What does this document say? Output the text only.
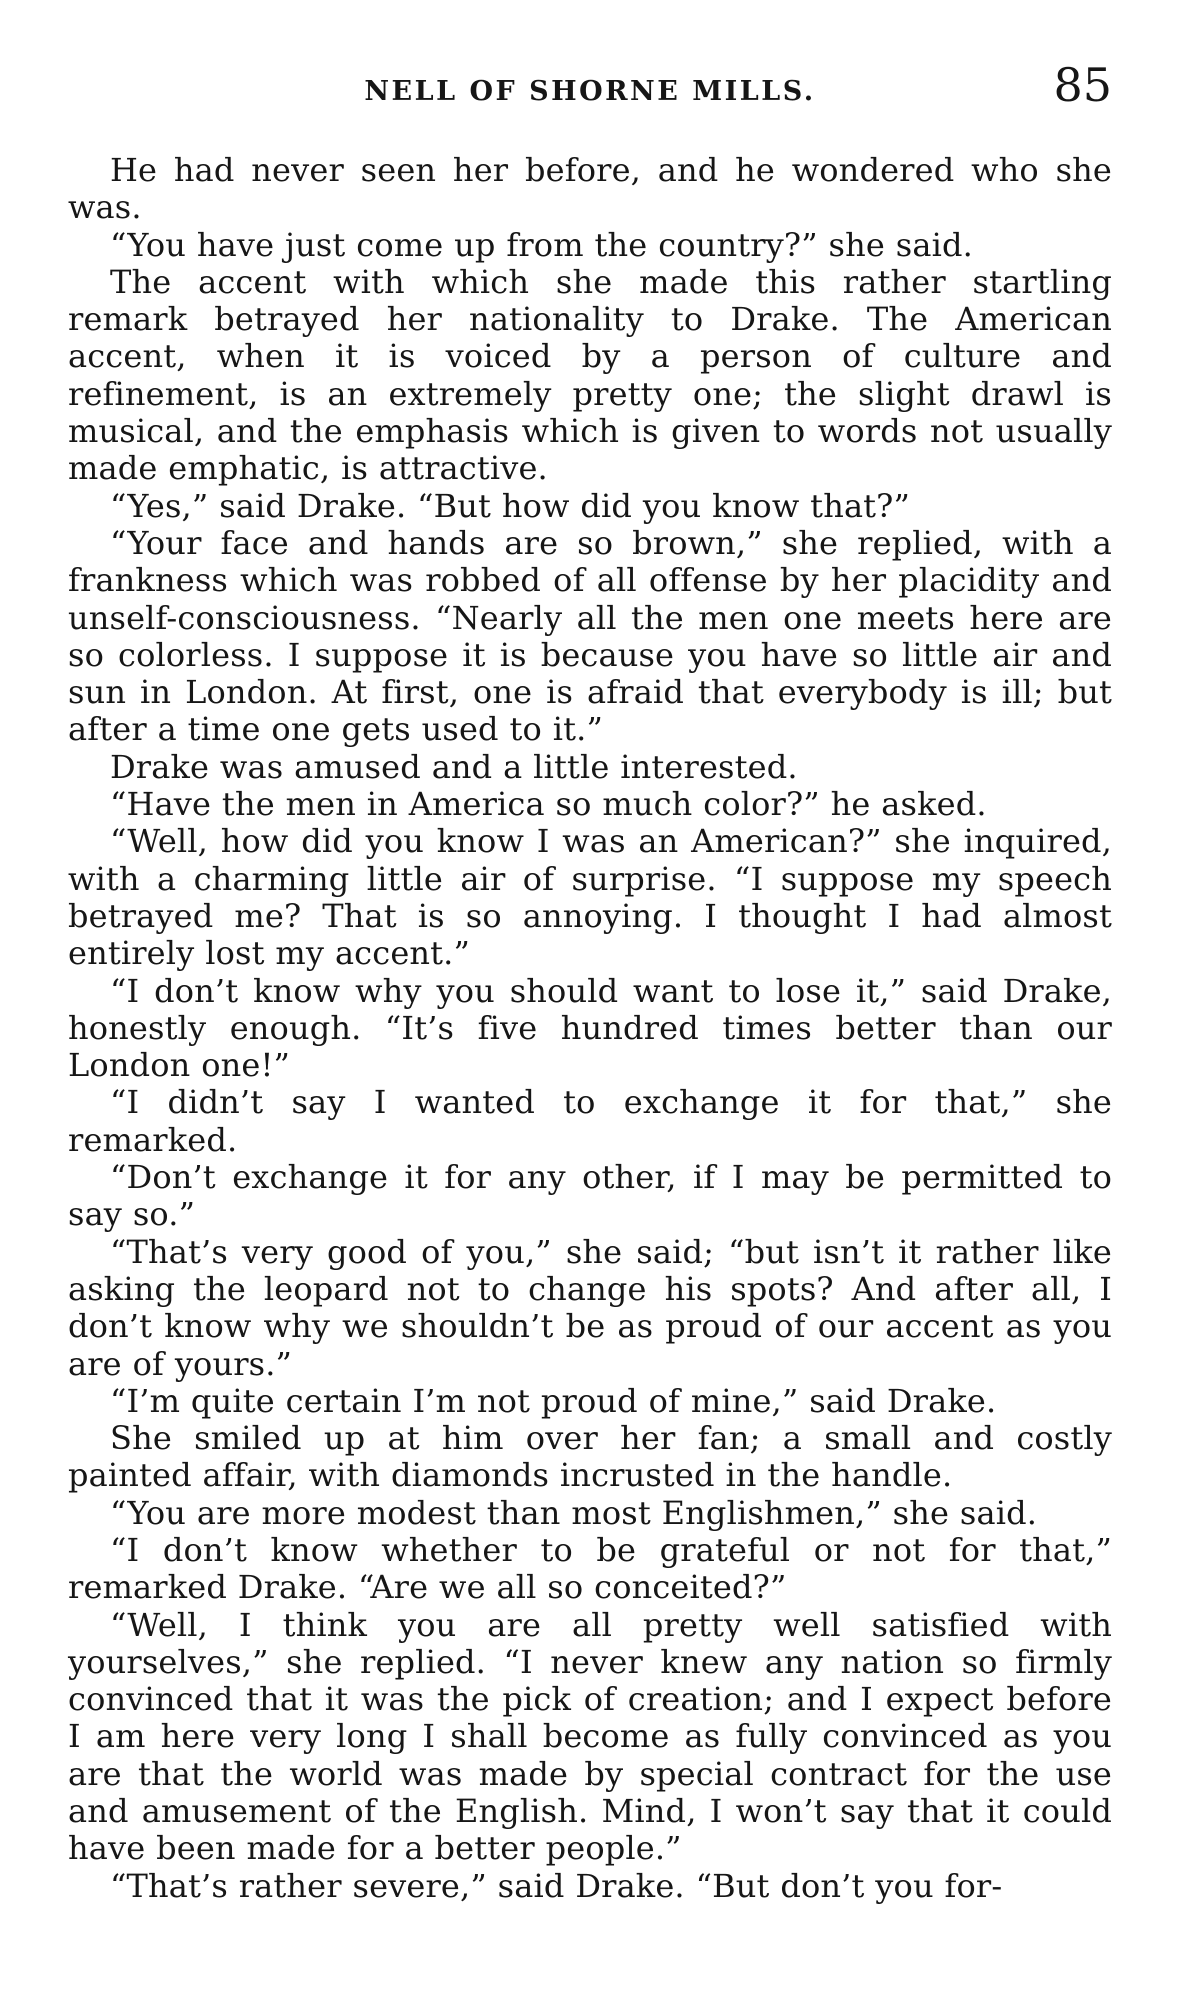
NELL OF SHORNE MILLS.	85

He had never seen her before, and he wondered who she was.

“You have just come up from the country?” she said.

The accent with which she made this rather startling remark betrayed her nationality to Drake. The American accent, when it is voiced by a person of culture and refinement, is an extremely pretty one; the slight drawl is musical, and the emphasis which is given to words not usually made emphatic, is attractive.

“Yes,” said Drake. “But how did you know that?”

“Your face and hands are so brown,” she replied, with a frankness which was robbed of all offense by her placidity and unself-consciousness. “Nearly all the men one meets here are so colorless. I suppose it is because you have so little air and sun in London. At first, one is afraid that everybody is ill; but after a time one gets used to it.”

Drake was amused and a little interested.

“Have the men in America so much color?” he asked.

“Well, how did you know I was an American?” she inquired, with a charming little air of surprise. “I suppose my speech betrayed me? That is so annoying. I thought I had almost entirely lost my accent.”

“I don’t know why you should want to lose it,” said Drake, honestly enough. “It’s five hundred times better than our London one!”

“I didn’t say I wanted to exchange it for that,” she remarked.

“Don’t exchange it for any other, if I may be permitted to say so.”

“That’s very good of you,” she said; “but isn’t it rather like asking the leopard not to change his spots? And after all, I don’t know why we shouldn’t be as proud of our accent as you are of yours.”

“I’m quite certain I’m not proud of mine,” said Drake.

She smiled up at him over her fan; a small and costly painted affair, with diamonds incrusted in the handle.

“You are more modest than most Englishmen,” she said.

“I don’t know whether to be grateful or not for that,” remarked Drake. “Are we all so conceited?”

“Well, I think you are all pretty well satisfied with yourselves,” she replied. “I never knew any nation so firmly convinced that it was the pick of creation; and I expect before I am here very long I shall become as fully convinced as you are that the world was made by special contract for the use and amusement of the English. Mind, I won’t say that it could have been made for a better people.”

“That’s rather severe,” said Drake. “But don’t you for-
